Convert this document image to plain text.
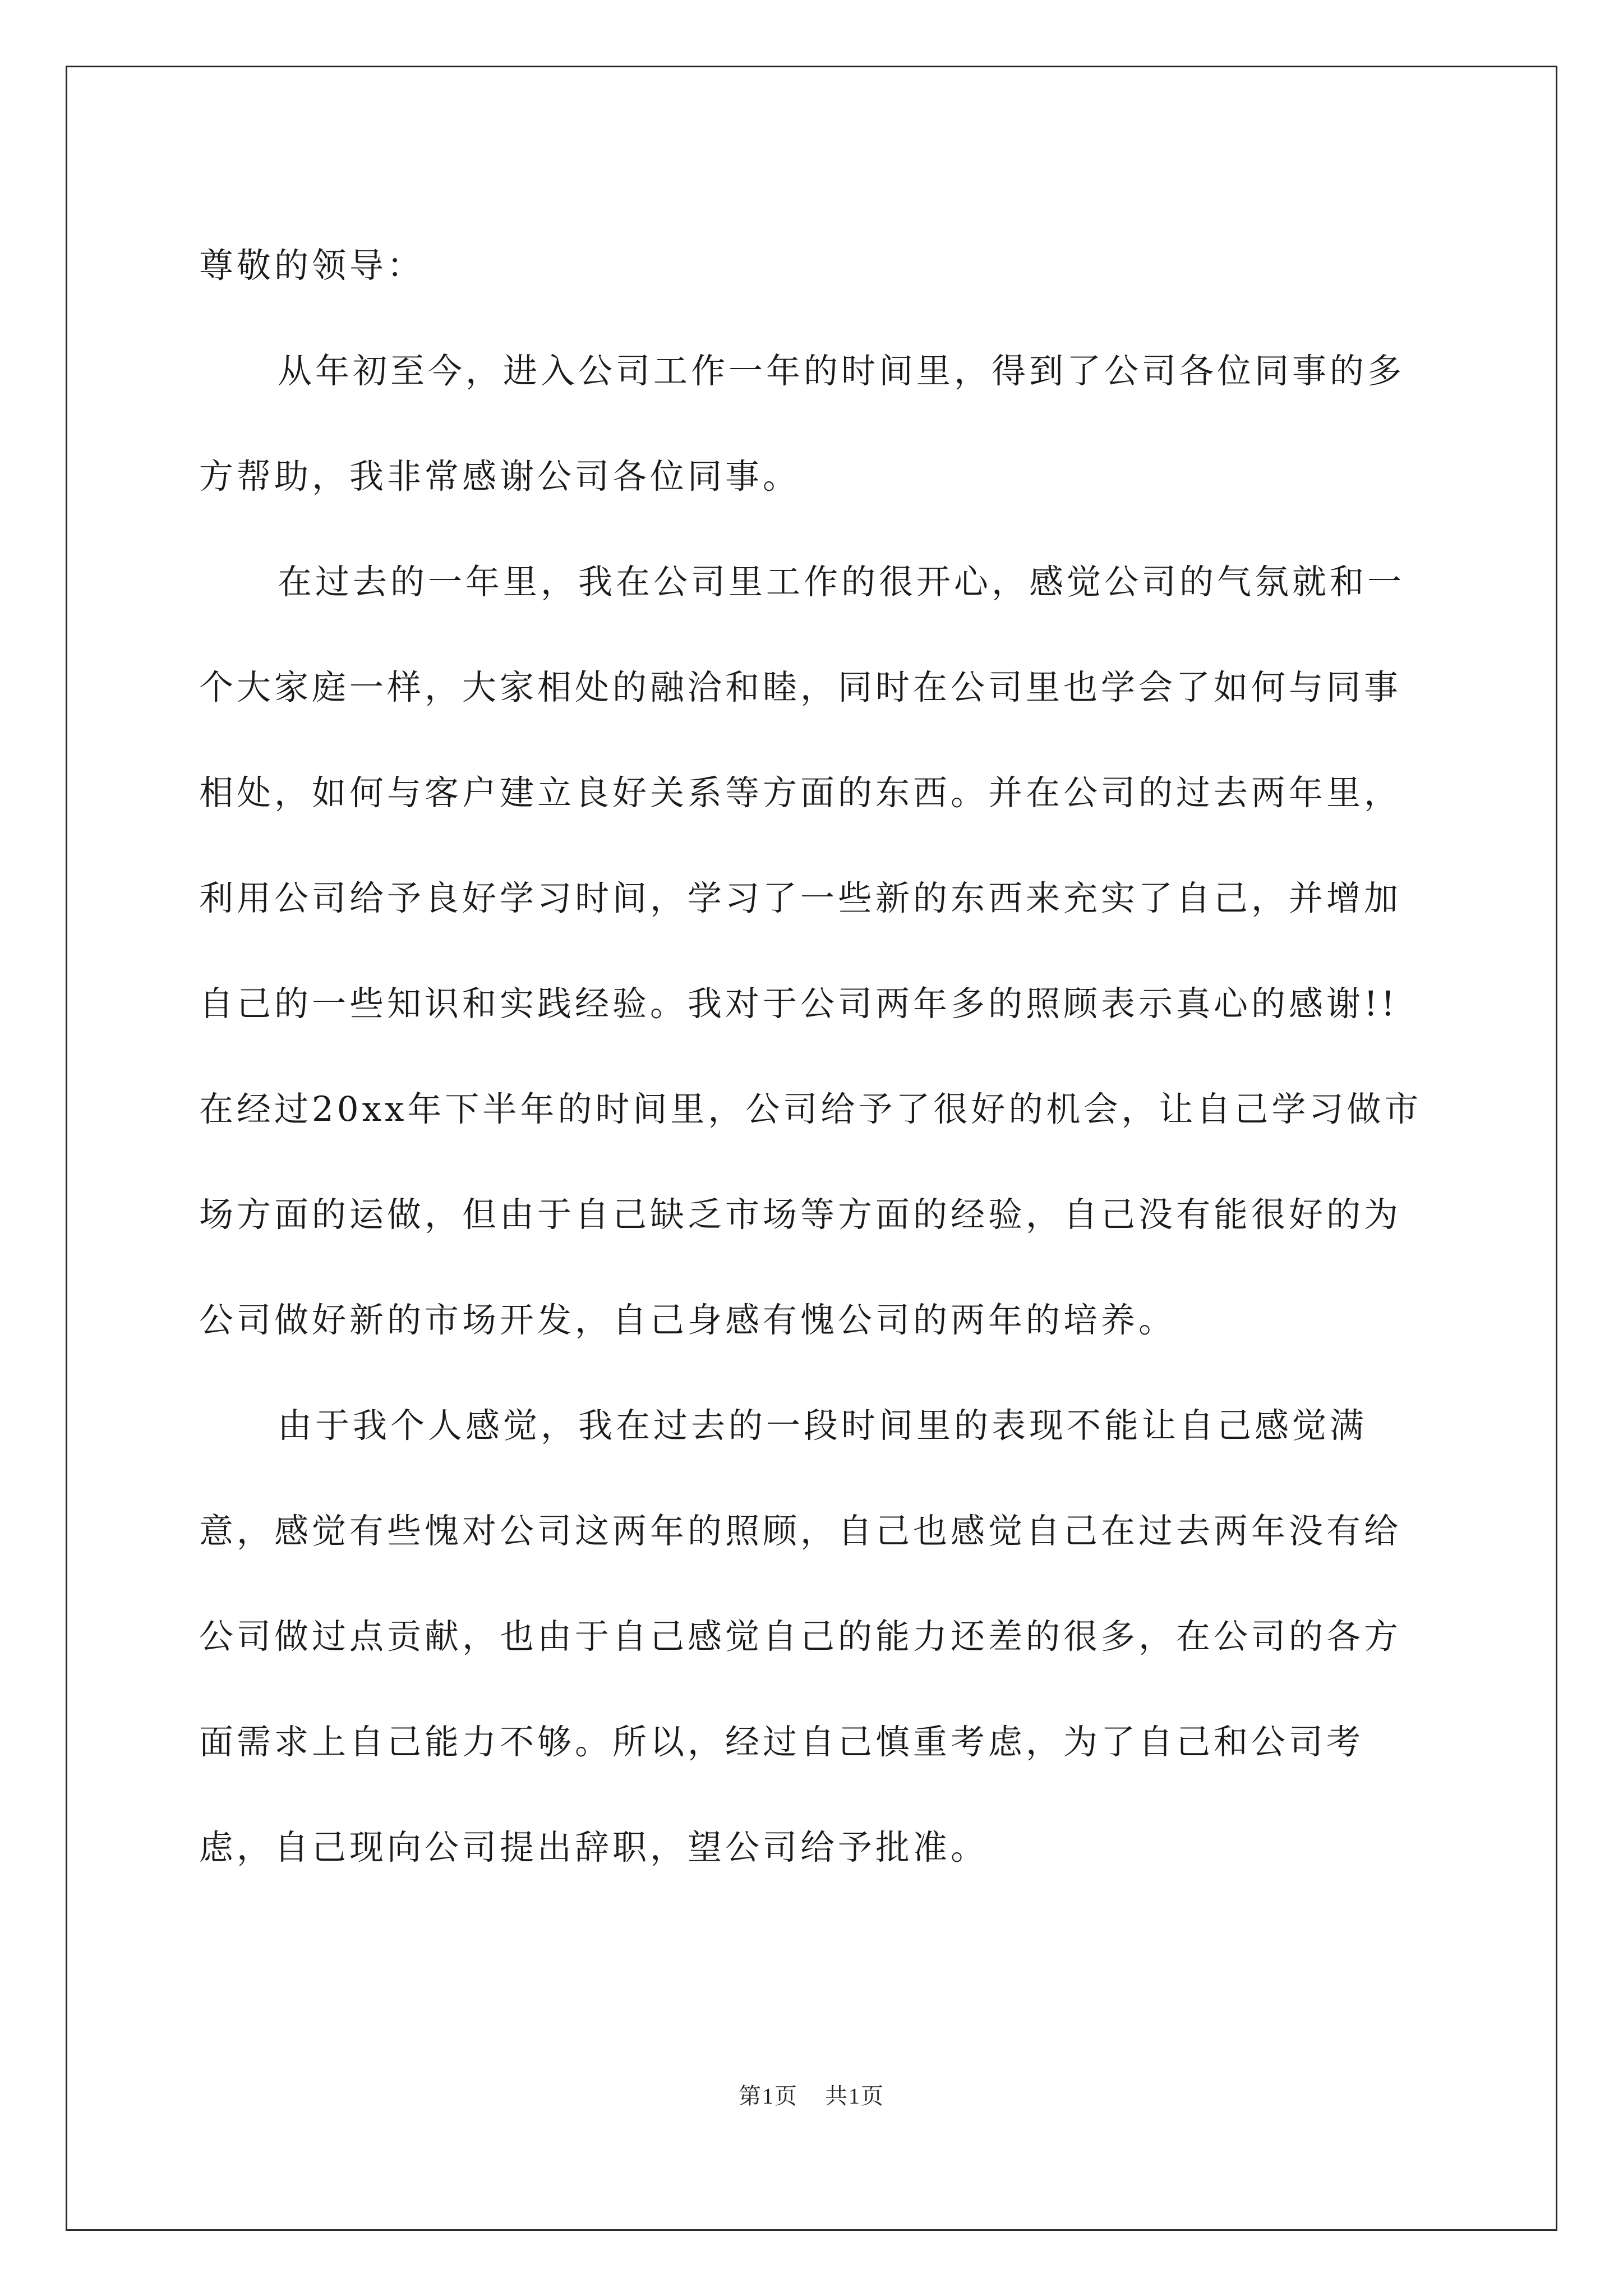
尊敬的领导：

从年初至今，进入公司工作一年的时间里，得到了公司各位同事的多方帮助，我非常感谢公司各位同事。

在过去的一年里，我在公司里工作的很开心，感觉公司的气氛就和一个大家庭一样，大家相处的融洽和睦，同时在公司里也学会了如何与同事相处，如何与客户建立良好关系等方面的东西。并在公司的过去两年里，利用公司给予良好学习时间，学习了一些新的东西来充实了自己，并增加自己的一些知识和实践经验。我对于公司两年多的照顾表示真心的感谢!!在经过20xx年下半年的时间里，公司给予了很好的机会，让自己学习做市场方面的运做，但由于自己缺乏市场等方面的经验，自己没有能很好的为公司做好新的市场开发，自己身感有愧公司的两年的培养。

由于我个人感觉，我在过去的一段时间里的表现不能让自己感觉满意，感觉有些愧对公司这两年的照顾，自己也感觉自己在过去两年没有给公司做过点贡献，也由于自己感觉自己的能力还差的很多，在公司的各方面需求上自己能力不够。所以，经过自己慎重考虑，为了自己和公司考虑，自己现向公司提出辞职，望公司给予批准。

第1页 共1页
